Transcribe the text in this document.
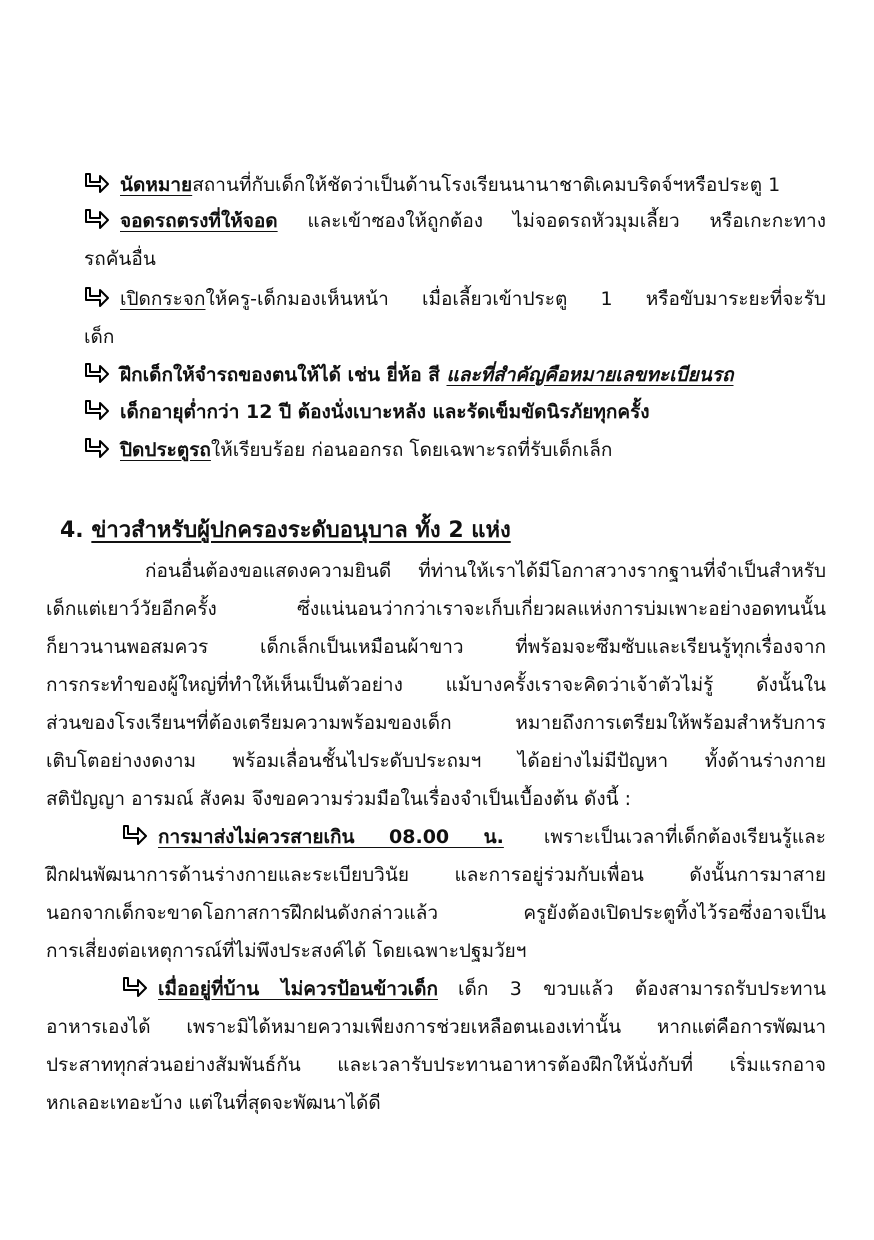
นัดหมายสถานที่กับเด็กให้ชัดว่าเป็นด้านโรงเรียนนานาชาติเคมบริดจ์ฯหรือประตู 1
จอดรถตรงที่ให้จอด และเข้าซองให้ถูกต้อง ไม่จอดรถหัวมุมเลี้ยว หรือเกะกะทาง
รถคันอื่น
เปิดกระจกให้ครู-เด็กมองเห็นหน้า เมื่อเลี้ยวเข้าประตู 1 หรือขับมาระยะที่จะรับ
เด็ก
ฝึกเด็กให้จำรถของตนให้ได้ เช่น ยี่ห้อ สี และที่สำคัญคือหมายเลขทะเบียนรถ
เด็กอายุต่ำกว่า 12 ปี ต้องนั่งเบาะหลัง และรัดเข็มขัดนิรภัยทุกครั้ง
ปิดประตูรถให้เรียบร้อย ก่อนออกรถ โดยเฉพาะรถที่รับเด็กเล็ก
4. ข่าวสำหรับผู้ปกครองระดับอนุบาล ทั้ง 2 แห่ง
ก่อนอื่นต้องขอแสดงความยินดี ที่ท่านให้เราได้มีโอกาสวางรากฐานที่จำเป็นสำหรับ
เด็กแต่เยาว์วัยอีกครั้ง ซึ่งแน่นอนว่ากว่าเราจะเก็บเกี่ยวผลแห่งการบ่มเพาะอย่างอดทนนั้น
ก็ยาวนานพอสมควร เด็กเล็กเป็นเหมือนผ้าขาว ที่พร้อมจะซึมซับและเรียนรู้ทุกเรื่องจาก
การกระทำของผู้ใหญ่ที่ทำให้เห็นเป็นตัวอย่าง แม้บางครั้งเราจะคิดว่าเจ้าตัวไม่รู้ ดังนั้นใน
ส่วนของโรงเรียนฯที่ต้องเตรียมความพร้อมของเด็ก หมายถึงการเตรียมให้พร้อมสำหรับการ
เติบโตอย่างงดงาม พร้อมเลื่อนชั้นไประดับประถมฯ ได้อย่างไม่มีปัญหา ทั้งด้านร่างกาย
สติปัญญา อารมณ์ สังคม จึงขอความร่วมมือในเรื่องจำเป็นเบื้องต้น ดังนี้ :
การมาส่งไม่ควรสายเกิน 08.00 น. เพราะเป็นเวลาที่เด็กต้องเรียนรู้และ
ฝึกฝนพัฒนาการด้านร่างกายและระเบียบวินัย และการอยู่ร่วมกับเพื่อน ดังนั้นการมาสาย
นอกจากเด็กจะขาดโอกาสการฝึกฝนดังกล่าวแล้ว ครูยังต้องเปิดประตูทิ้งไว้รอซึ่งอาจเป็น
การเสี่ยงต่อเหตุการณ์ที่ไม่พึงประสงค์ได้ โดยเฉพาะปฐมวัยฯ
เมื่ออยู่ที่บ้าน ไม่ควรป้อนข้าวเด็ก เด็ก 3 ขวบแล้ว ต้องสามารถรับประทาน
อาหารเองได้ เพราะมิได้หมายความเพียงการช่วยเหลือตนเองเท่านั้น หากแต่คือการพัฒนา
ประสาททุกส่วนอย่างสัมพันธ์กัน และเวลารับประทานอาหารต้องฝึกให้นั่งกับที่ เริ่มแรกอาจ
หกเลอะเทอะบ้าง แต่ในที่สุดจะพัฒนาได้ดี
